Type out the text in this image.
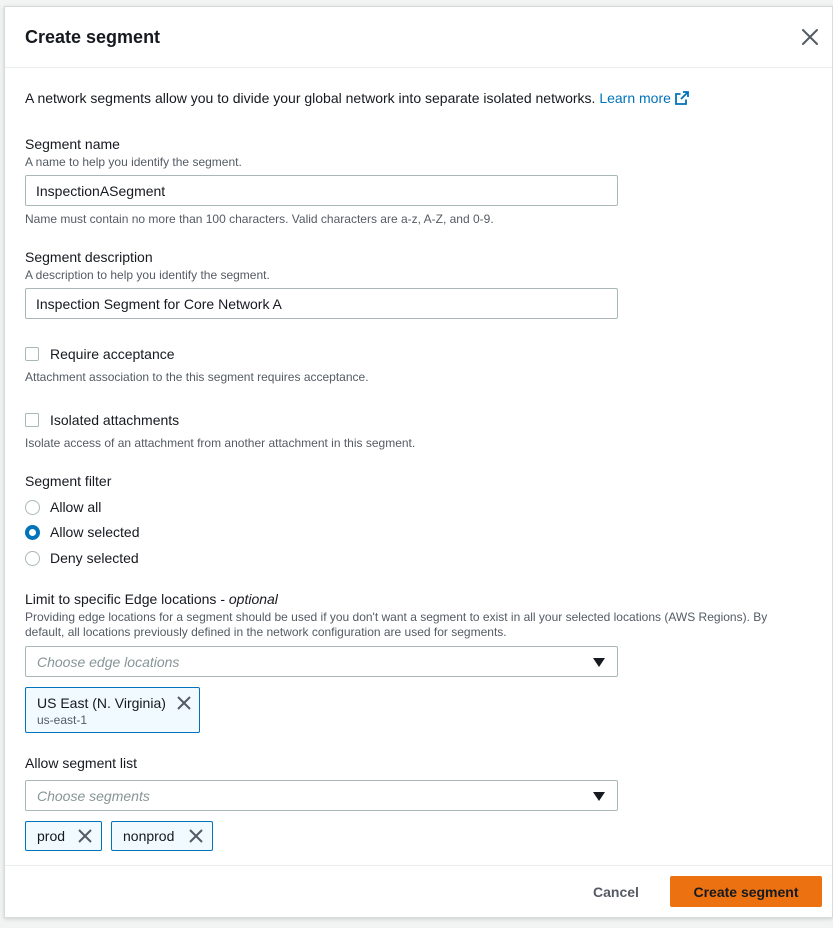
Create segment
A network segments allow you to divide your global network into separate isolated networks. Learn more
Segment name
A name to help you identify the segment.
InspectionASegment
Name must contain no more than 100 characters. Valid characters are a-z, A-Z, and 0-9.
Segment description
A description to help you identify the segment.
Inspection Segment for Core Network A
Require acceptance
Attachment association to the this segment requires acceptance.
Isolated attachments
Isolate access of an attachment from another attachment in this segment.
Segment filter
Allow all
Allow selected
Deny selected
Limit to specific Edge locations - optional
Providing edge locations for a segment should be used if you don't want a segment to exist in all your selected locations (AWS Regions). By
default, all locations previously defined in the network configuration are used for segments.
Choose edge locations
US East (N. Virginia)
us-east-1
Allow segment list
Choose segments
prod	nonprod
Cancel	Create segment
